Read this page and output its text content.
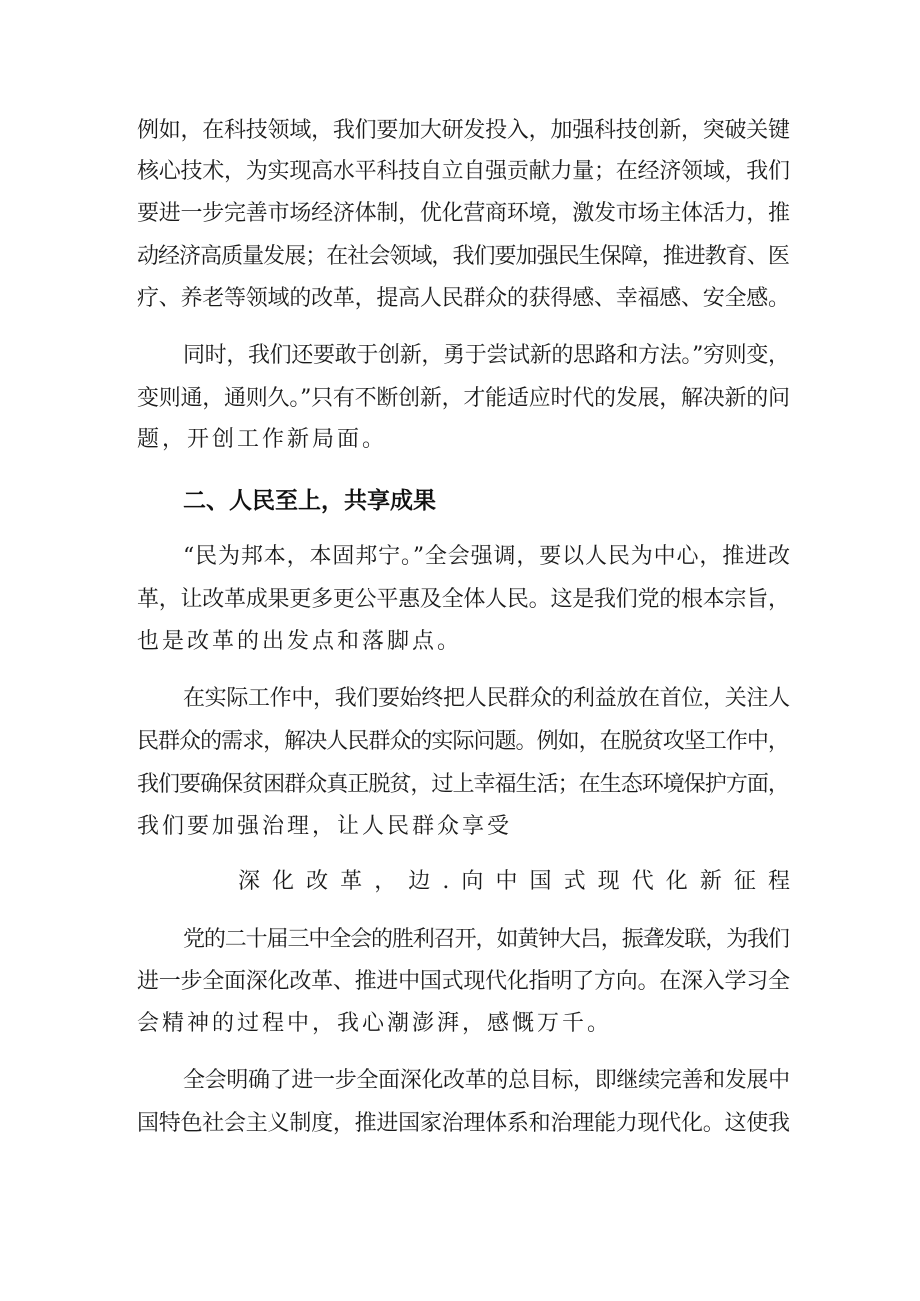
例如，在科技领域，我们要加大研发投入，加强科技创新，突破关键
核心技术，为实现高水平科技自立自强贡献力量；在经济领域，我们
要进一步完善市场经济体制，优化营商环境，激发市场主体活力，推
动经济高质量发展；在社会领域，我们要加强民生保障，推进教育、医
疗、养老等领域的改革，提高人民群众的获得感、幸福感、安全感。
同时，我们还要敢于创新，勇于尝试新的思路和方法。”穷则变，
变则通，通则久。”只有不断创新，才能适应时代的发展，解决新的问
题，开创工作新局面。
二、人民至上，共享成果
“民为邦本，本固邦宁。”全会强调，要以人民为中心，推进改
革，让改革成果更多更公平惠及全体人民。这是我们党的根本宗旨，
也是改革的出发点和落脚点。
在实际工作中，我们要始终把人民群众的利益放在首位，关注人
民群众的需求，解决人民群众的实际问题。例如，在脱贫攻坚工作中，
我们要确保贫困群众真正脱贫，过上幸福生活；在生态环境保护方面，
我们要加强治理，让人民群众享受
深化改革，边.向中国式现代化新征程
党的二十届三中全会的胜利召开，如黄钟大吕，振聋发联，为我们
进一步全面深化改革、推进中国式现代化指明了方向。在深入学习全
会精神的过程中，我心潮澎湃，感慨万千。
全会明确了进一步全面深化改革的总目标，即继续完善和发展中
国特色社会主义制度，推进国家治理体系和治理能力现代化。这使我
